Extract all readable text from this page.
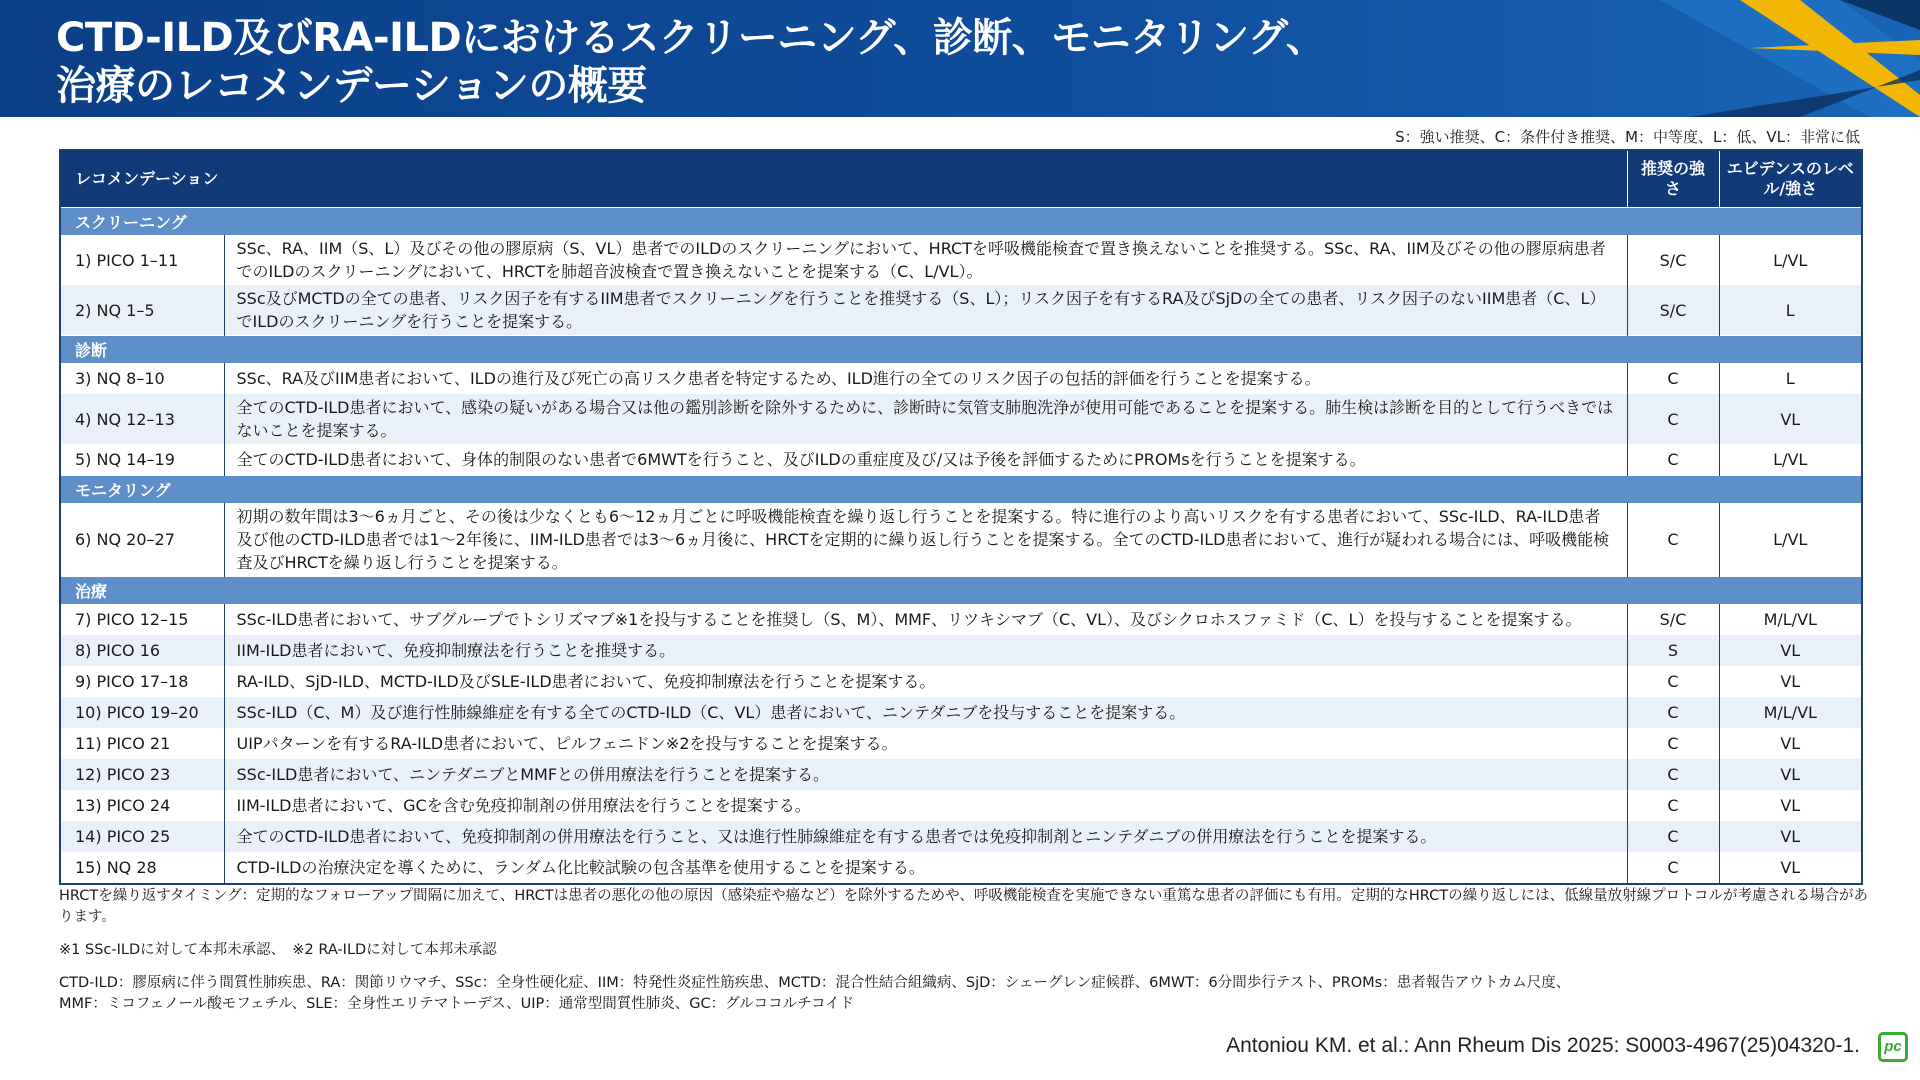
CTD-ILD及びRA-ILDにおけるスクリーニング、診断、モニタリング、
治療のレコメンデーションの概要
S：強い推奨、C：条件付き推奨、M：中等度、L：低、VL：非常に低
レコメンデーション		推奨の強さ	エビデンスのレベル/強さ
スクリーニング			
1) PICO 1–11	SSc、RA、IIM（S、L）及びその他の膠原病（S、VL）患者でのILDのスクリーニングにおいて、HRCTを呼吸機能検査で置き換えないことを推奨する。SSc、RA、IIM及びその他の膠原病患者でのILDのスクリーニングにおいて、HRCTを肺超音波検査で置き換えないことを提案する（C、L/VL）。	S/C	L/VL
2) NQ 1–5	SSc及びMCTDの全ての患者、リスク因子を有するIIM患者でスクリーニングを行うことを推奨する（S、L）；リスク因子を有するRA及びSjDの全ての患者、リスク因子のないIIM患者（C、L）でILDのスクリーニングを行うことを提案する。	S/C	L
診断			
3) NQ 8–10	SSc、RA及びIIM患者において、ILDの進行及び死亡の高リスク患者を特定するため、ILD進行の全てのリスク因子の包括的評価を行うことを提案する。	C	L
4) NQ 12–13	全てのCTD-ILD患者において、感染の疑いがある場合又は他の鑑別診断を除外するために、診断時に気管支肺胞洗浄が使用可能であることを提案する。肺生検は診断を目的として行うべきではないことを提案する。	C	VL
5) NQ 14–19	全てのCTD-ILD患者において、身体的制限のない患者で6MWTを行うこと、及びILDの重症度及び/又は予後を評価するためにPROMsを行うことを提案する。	C	L/VL
モニタリング			
6) NQ 20–27	初期の数年間は3～6ヵ月ごと、その後は少なくとも6～12ヵ月ごとに呼吸機能検査を繰り返し行うことを提案する。特に進行のより高いリスクを有する患者において、SSc-ILD、RA-ILD患者及び他のCTD-ILD患者では1～2年後に、IIM-ILD患者では3～6ヵ月後に、HRCTを定期的に繰り返し行うことを提案する。全てのCTD-ILD患者において、進行が疑われる場合には、呼吸機能検査及びHRCTを繰り返し行うことを提案する。	C	L/VL
治療			
7) PICO 12–15	SSc-ILD患者において、サブグループでトシリズマブ※1を投与することを推奨し（S、M）、MMF、リツキシマブ（C、VL）、及びシクロホスファミド（C、L）を投与することを提案する。	S/C	M/L/VL
8) PICO 16	IIM-ILD患者において、免疫抑制療法を行うことを推奨する。	S	VL
9) PICO 17–18	RA-ILD、SjD-ILD、MCTD-ILD及びSLE-ILD患者において、免疫抑制療法を行うことを提案する。	C	VL
10) PICO 19–20	SSc-ILD（C、M）及び進行性肺線維症を有する全てのCTD-ILD（C、VL）患者において、ニンテダニブを投与することを提案する。	C	M/L/VL
11) PICO 21	UIPパターンを有するRA-ILD患者において、ピルフェニドン※2を投与することを提案する。	C	VL
12) PICO 23	SSc-ILD患者において、ニンテダニブとMMFとの併用療法を行うことを提案する。	C	VL
13) PICO 24	IIM-ILD患者において、GCを含む免疫抑制剤の併用療法を行うことを提案する。	C	VL
14) PICO 25	全てのCTD-ILD患者において、免疫抑制剤の併用療法を行うこと、又は進行性肺線維症を有する患者では免疫抑制剤とニンテダニブの併用療法を行うことを提案する。	C	VL
15) NQ 28	CTD-ILDの治療決定を導くために、ランダム化比較試験の包含基準を使用することを提案する。	C	VL

HRCTを繰り返すタイミング：定期的なフォローアップ間隔に加えて、HRCTは患者の悪化の他の原因（感染症や癌など）を除外するためや、呼吸機能検査を実施できない重篤な患者の評価にも有用。定期的なHRCTの繰り返しには、低線量放射線プロトコルが考慮される場合があります。

※1 SSc-ILDに対して本邦未承認、　※2 RA-ILDに対して本邦未承認

CTD-ILD：膠原病に伴う間質性肺疾患、RA：関節リウマチ、SSc：全身性硬化症、IIM：特発性炎症性筋疾患、MCTD：混合性結合組織病、SjD：シェーグレン症候群、6MWT：6分間歩行テスト、PROMs：患者報告アウトカム尺度、

MMF：ミコフェノール酸モフェチル、SLE：全身性エリテマトーデス、UIP：通常型間質性肺炎、GC：グルココルチコイド

Antoniou KM. et al.: Ann Rheum Dis 2025: S0003-4967(25)04320-1.	pc
